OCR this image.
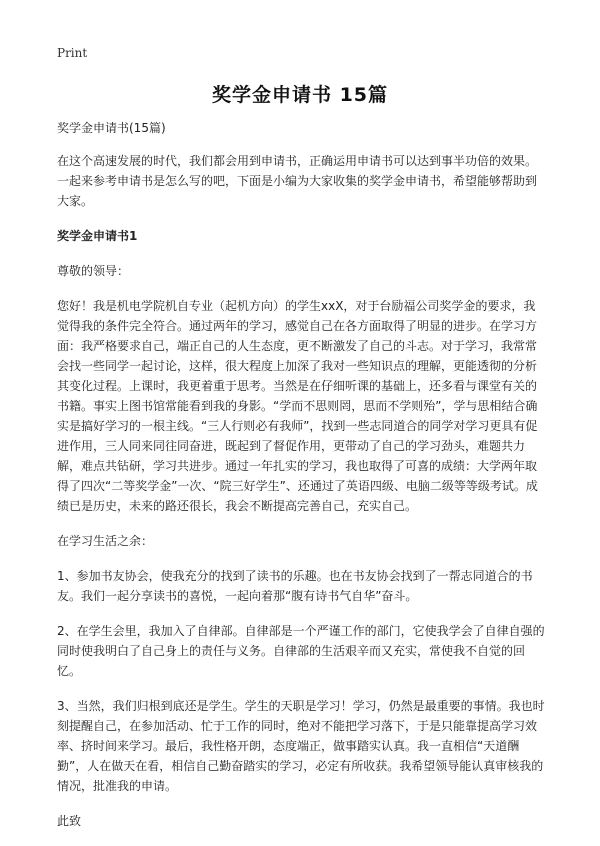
Print
奖学金申请书 15篇

奖学金申请书(15篇)

在这个高速发展的时代，我们都会用到申请书，正确运用申请书可以达到事半功倍的效果。一起来参考申请书是怎么写的吧，下面是小编为大家收集的奖学金申请书，希望能够帮助到大家。

奖学金申请书1

尊敬的领导：

您好！我是机电学院机自专业（起机方向）的学生xxX，对于台励福公司奖学金的要求，我觉得我的条件完全符合。通过两年的学习，感觉自己在各方面取得了明显的进步。在学习方面：我严格要求自己，端正自己的人生态度，更不断激发了自己的斗志。对于学习，我常常会找一些同学一起讨论，这样，很大程度上加深了我对一些知识点的理解，更能透彻的分析其变化过程。上课时，我更着重于思考。当然是在仔细听课的基础上，还多看与课堂有关的书籍。事实上图书馆常能看到我的身影。“学而不思则罔，思而不学则殆”，学与思相结合确实是搞好学习的一根主线。“三人行则必有我师”，找到一些志同道合的同学对学习更具有促进作用，三人同来同往同奋进，既起到了督促作用，更带动了自己的学习劲头，难题共力解，难点共钻研，学习共进步。通过一年扎实的学习，我也取得了可喜的成绩：大学两年取得了四次“二等奖学金”一次、“院三好学生”、还通过了英语四级、电脑二级等等级考试。成绩已是历史，未来的路还很长，我会不断提高完善自己，充实自己。

在学习生活之余：

1、参加书友协会，使我充分的找到了读书的乐趣。也在书友协会找到了一帮志同道合的书友。我们一起分享读书的喜悦，一起向着那“腹有诗书气自华”奋斗。

2、在学生会里，我加入了自律部。自律部是一个严谨工作的部门，它使我学会了自律自强的同时使我明白了自己身上的责任与义务。自律部的生活艰辛而又充实，常使我不自觉的回忆。

3、当然，我们归根到底还是学生。学生的天职是学习！学习，仍然是最重要的事情。我也时刻提醒自己，在参加活动、忙于工作的同时，绝对不能把学习落下，于是只能靠提高学习效率、挤时间来学习。最后，我性格开朗，态度端正，做事踏实认真。我一直相信“天道酬勤”，人在做天在看，相信自己勤奋踏实的学习，必定有所收获。我希望领导能认真审核我的情况，批准我的申请。

此致
